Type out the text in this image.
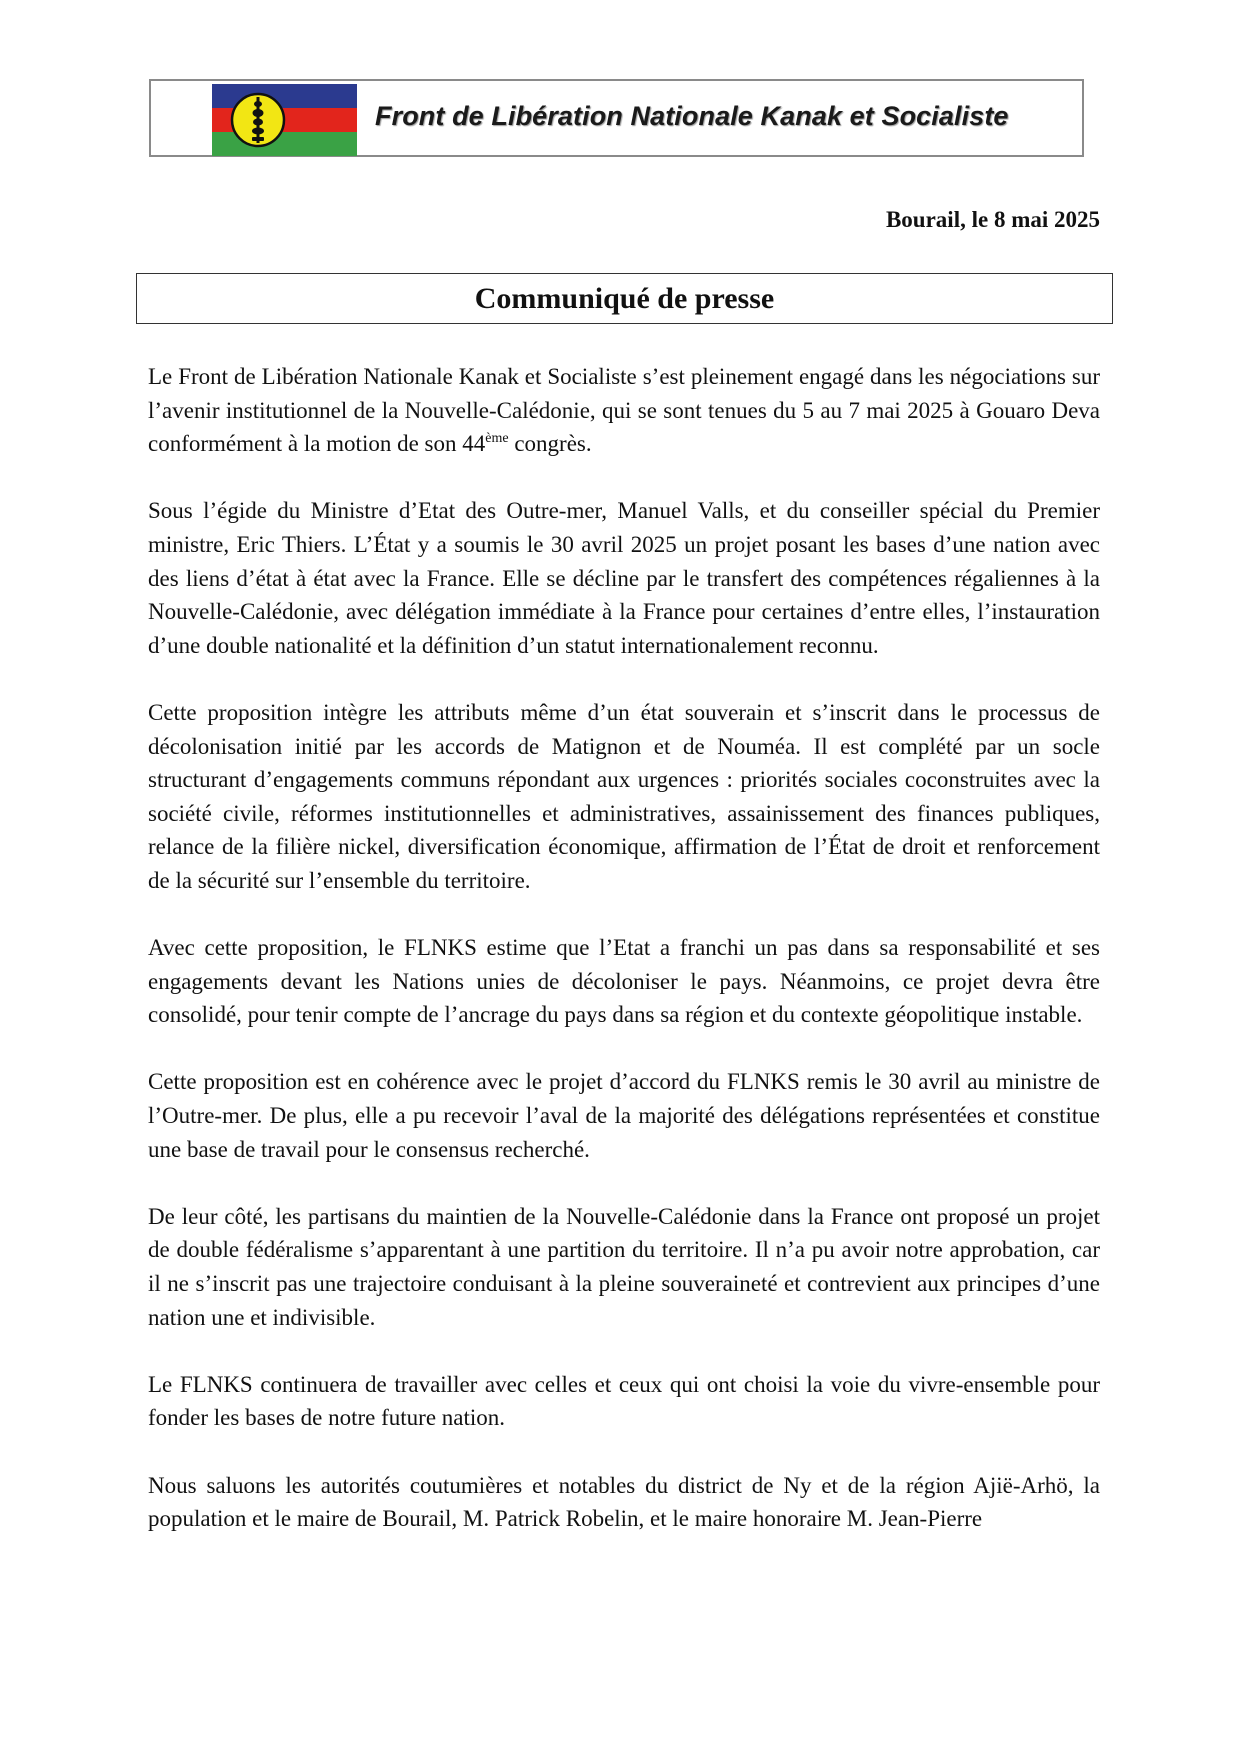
Front de Libération Nationale Kanak et Socialiste
Bourail, le 8 mai 2025
Communiqué de presse

Le Front de Libération Nationale Kanak et Socialiste s’est pleinement engagé dans les négociations sur l’avenir institutionnel de la Nouvelle-Calédonie, qui se sont tenues du 5 au 7 mai 2025 à Gouaro Deva conformément à la motion de son 44ème congrès.

Sous l’égide du Ministre d’Etat des Outre-mer, Manuel Valls, et du conseiller spécial du Premier ministre, Eric Thiers. L’État y a soumis le 30 avril 2025 un projet posant les bases d’une nation avec des liens d’état à état avec la France. Elle se décline par le transfert des compétences régaliennes à la Nouvelle-Calédonie, avec délégation immédiate à la France pour certaines d’entre elles, l’instauration d’une double nationalité et la définition d’un statut internationalement reconnu.

Cette proposition intègre les attributs même d’un état souverain et s’inscrit dans le processus de décolonisation initié par les accords de Matignon et de Nouméa. Il est complété par un socle structurant d’engagements communs répondant aux urgences : priorités sociales coconstruites avec la société civile, réformes institutionnelles et administratives, assainissement des finances publiques, relance de la filière nickel, diversification économique, affirmation de l’État de droit et renforcement de la sécurité sur l’ensemble du territoire.

Avec cette proposition, le FLNKS estime que l’Etat a franchi un pas dans sa responsabilité et ses engagements devant les Nations unies de décoloniser le pays. Néanmoins, ce projet devra être consolidé, pour tenir compte de l’ancrage du pays dans sa région et du contexte géopolitique instable.

Cette proposition est en cohérence avec le projet d’accord du FLNKS remis le 30 avril au ministre de l’Outre-mer. De plus, elle a pu recevoir l’aval de la majorité des délégations représentées et constitue une base de travail pour le consensus recherché.

De leur côté, les partisans du maintien de la Nouvelle-Calédonie dans la France ont proposé un projet de double fédéralisme s’apparentant à une partition du territoire. Il n’a pu avoir notre approbation, car il ne s’inscrit pas une trajectoire conduisant à la pleine souveraineté et contrevient aux principes d’une nation une et indivisible.

Le FLNKS continuera de travailler avec celles et ceux qui ont choisi la voie du vivre-ensemble pour fonder les bases de notre future nation.

Nous saluons les autorités coutumières et notables du district de Ny et de la région Ajië-Arhö, la population et le maire de Bourail, M. Patrick Robelin, et le maire honoraire M. Jean-Pierre
